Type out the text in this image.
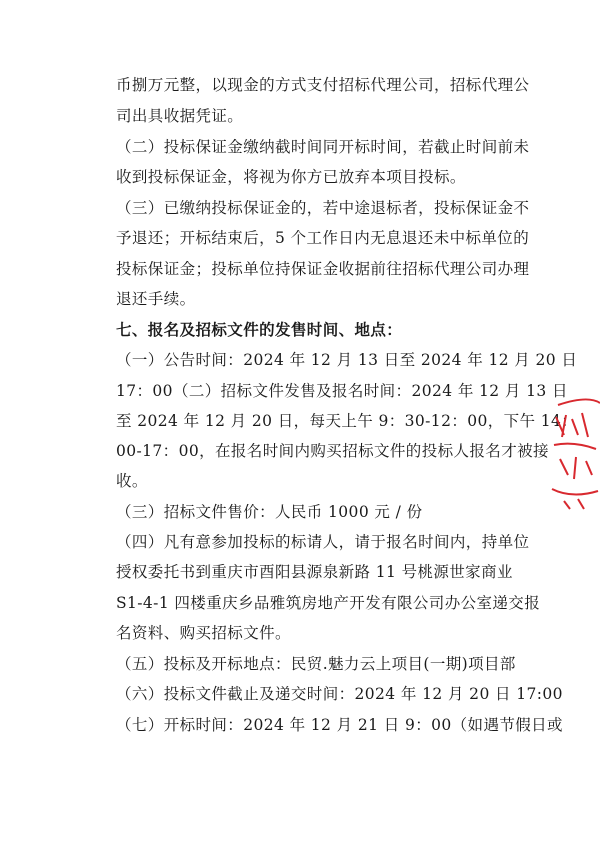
币捌万元整，以现金的方式支付招标代理公司，招标代理公
司出具收据凭证。
（二）投标保证金缴纳截时间同开标时间，若截止时间前未
收到投标保证金，将视为你方已放弃本项目投标。
（三）已缴纳投标保证金的，若中途退标者，投标保证金不
予退还；开标结束后，5 个工作日内无息退还未中标单位的
投标保证金；投标单位持保证金收据前往招标代理公司办理
退还手续。
七、报名及招标文件的发售时间、地点：
（一）公告时间：2024 年 12 月 13 日至 2024 年 12 月 20 日
17：00（二）招标文件发售及报名时间：2024 年 12 月 13 日
至 2024 年 12 月 20 日，每天上午 9：30-12：00，下午 14：
00-17：00，在报名时间内购买招标文件的投标人报名才被接
收。
（三）招标文件售价：人民币 1000 元 / 份
（四）凡有意参加投标的标请人，请于报名时间内，持单位
授权委托书到重庆市酉阳县源泉新路 11 号桃源世家商业
S1-4-1 四楼重庆乡品雅筑房地产开发有限公司办公室递交报
名资料、购买招标文件。
（五）投标及开标地点：民贸.魅力云上项目(一期)项目部
（六）投标文件截止及递交时间：2024 年 12 月 20 日 17:00
（七）开标时间：2024 年 12 月 21 日 9：00（如遇节假日或
